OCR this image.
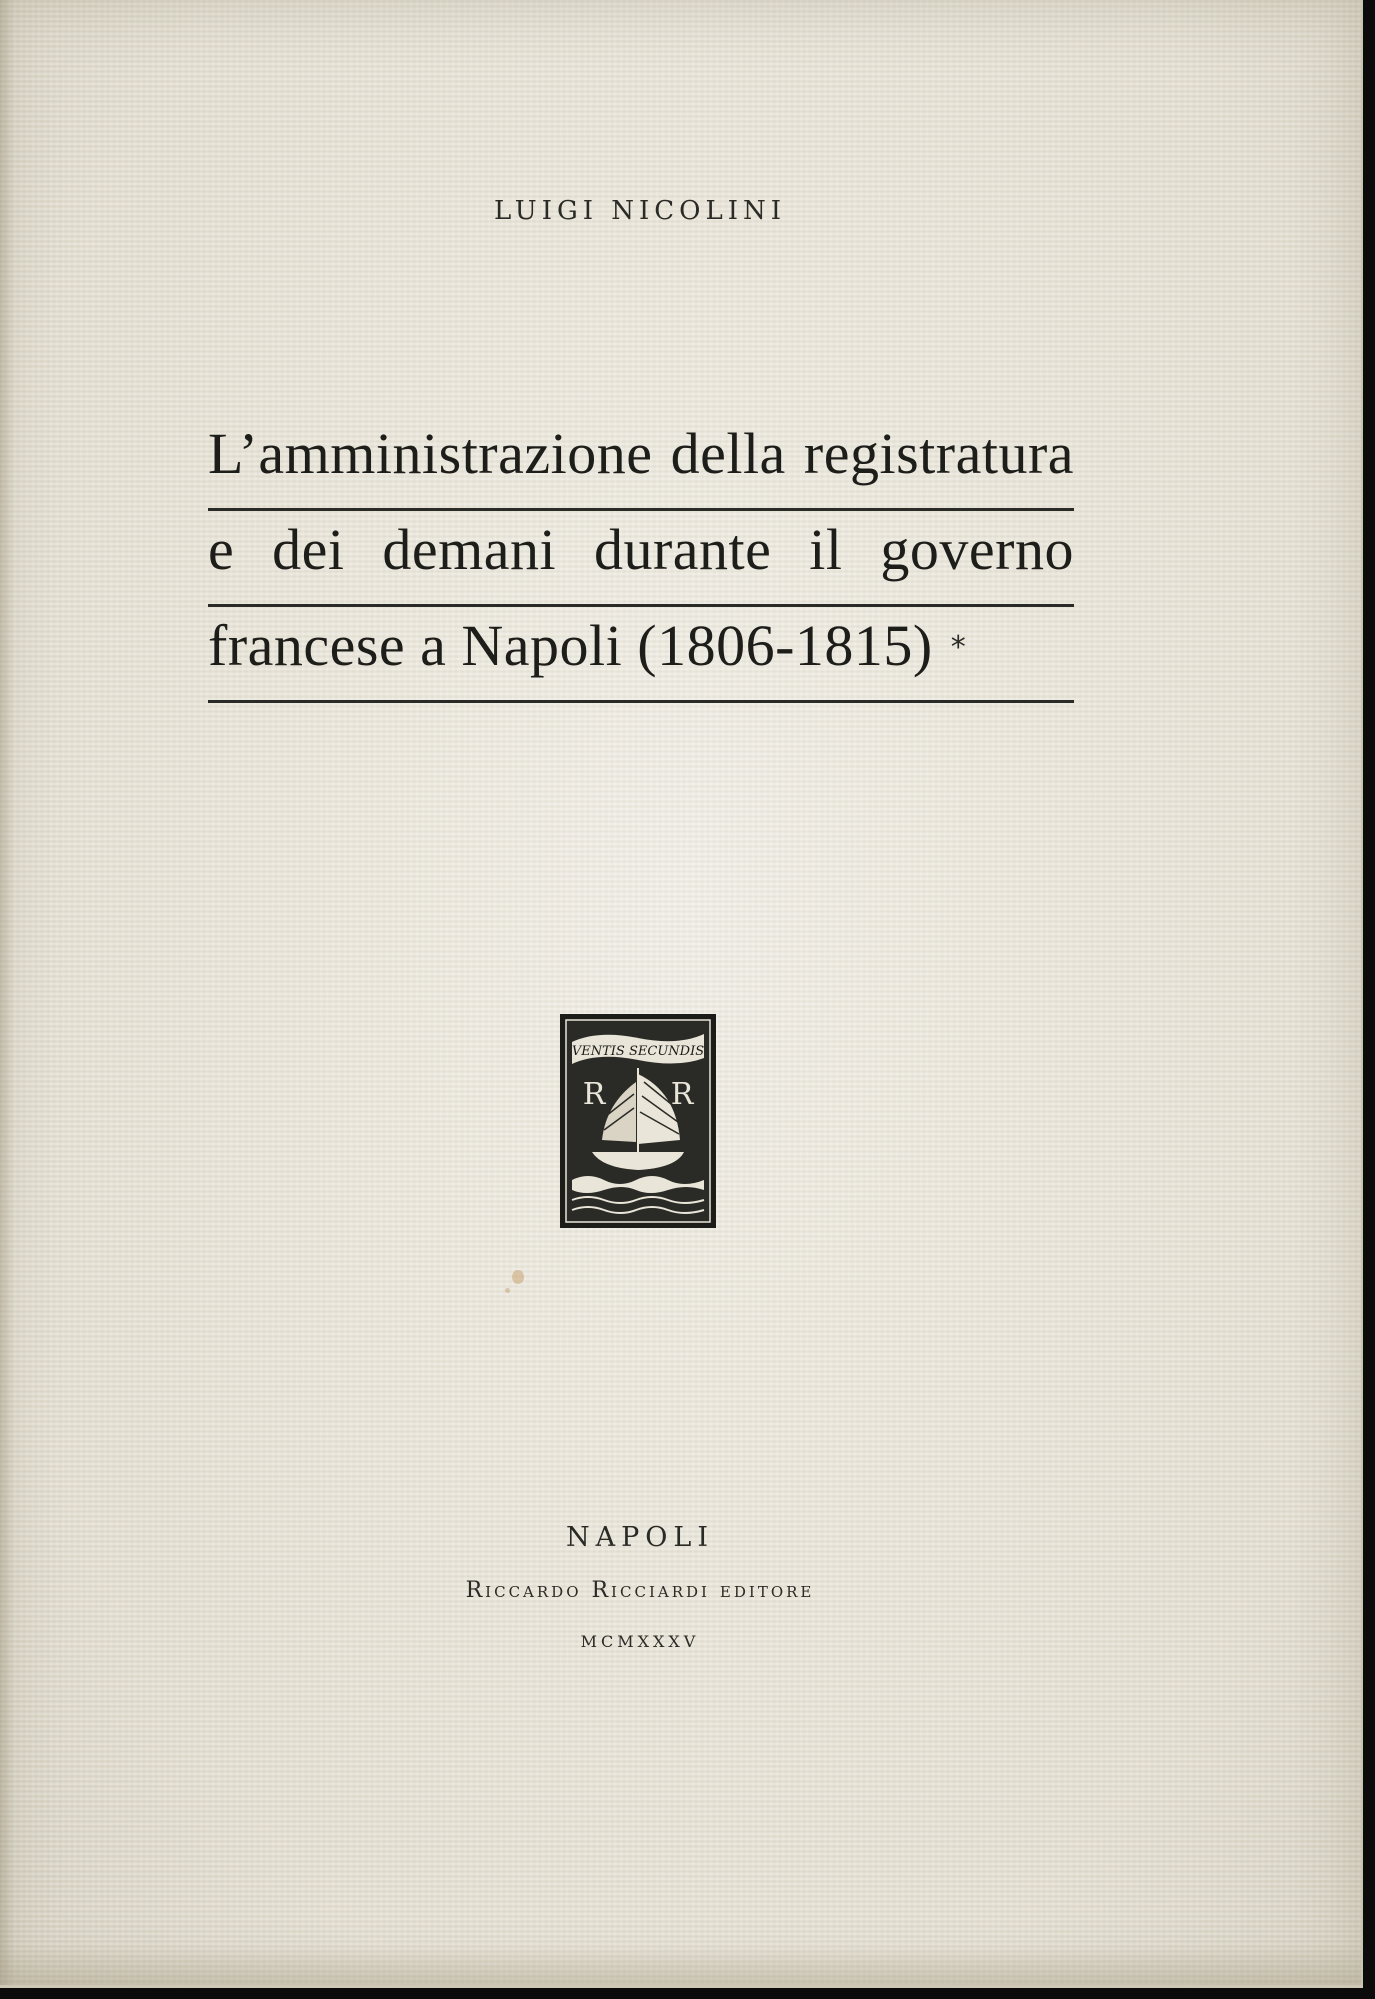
LUIGI NICOLINI

L’amministrazione della registratura
e dei demani durante il governo
francese a Napoli (1806-1815) *
VENTIS SECUNDIS
R R

NAPOLI

Riccardo Ricciardi editore

MCMXXXV
